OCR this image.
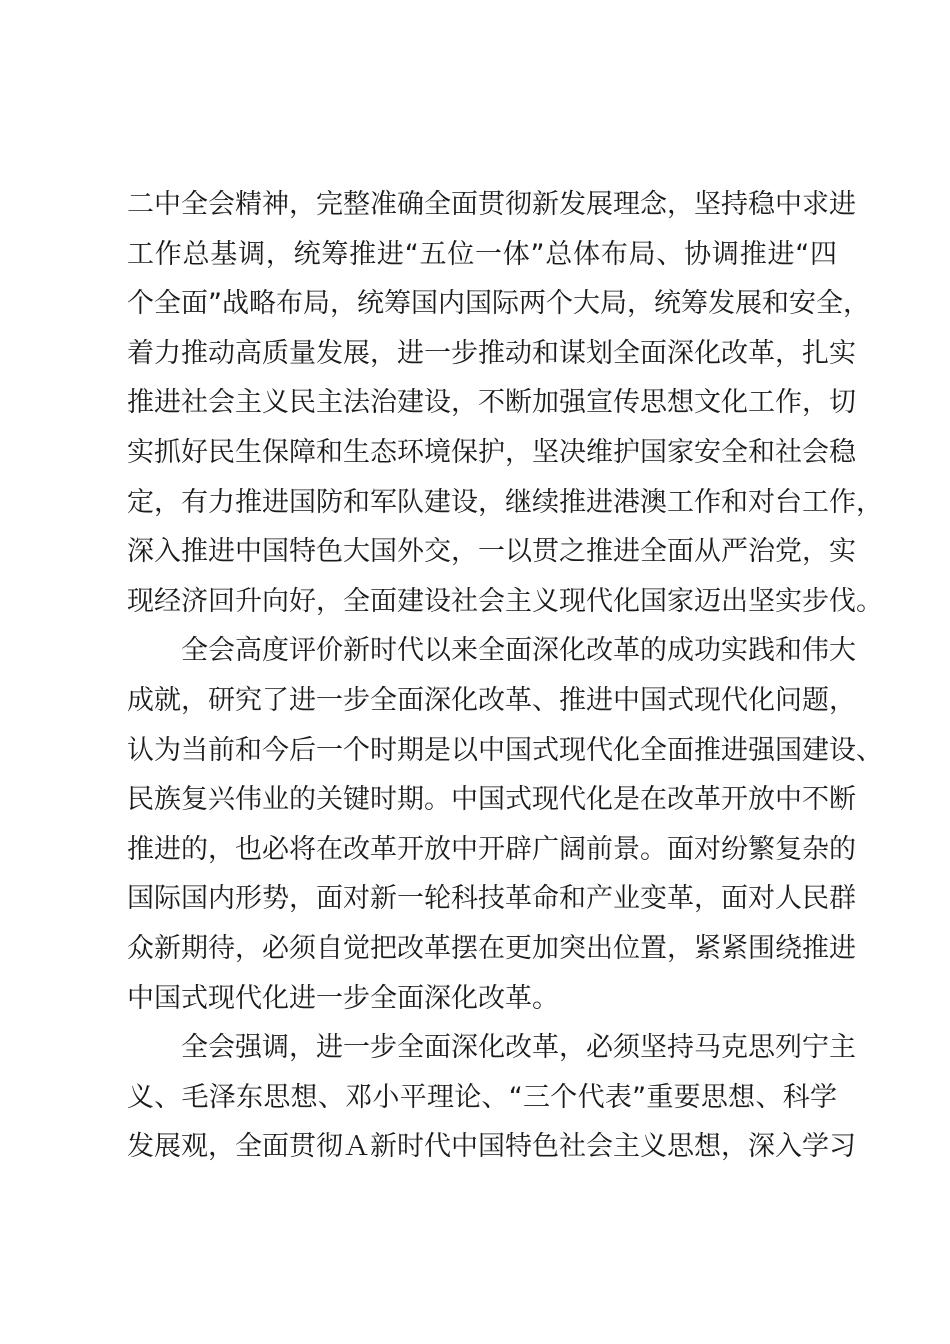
二中全会精神，完整准确全面贯彻新发展理念，坚持稳中求进
工作总基调，统筹推进“五位一体”总体布局、协调推进“四
个全面”战略布局，统筹国内国际两个大局，统筹发展和安全，
着力推动高质量发展，进一步推动和谋划全面深化改革，扎实
推进社会主义民主法治建设，不断加强宣传思想文化工作，切
实抓好民生保障和生态环境保护，坚决维护国家安全和社会稳
定，有力推进国防和军队建设，继续推进港澳工作和对台工作，
深入推进中国特色大国外交，一以贯之推进全面从严治党，实
现经济回升向好，全面建设社会主义现代化国家迈出坚实步伐。
全会高度评价新时代以来全面深化改革的成功实践和伟大
成就，研究了进一步全面深化改革、推进中国式现代化问题，
认为当前和今后一个时期是以中国式现代化全面推进强国建设、
民族复兴伟业的关键时期。中国式现代化是在改革开放中不断
推进的，也必将在改革开放中开辟广阔前景。面对纷繁复杂的
国际国内形势，面对新一轮科技革命和产业变革，面对人民群
众新期待，必须自觉把改革摆在更加突出位置，紧紧围绕推进
中国式现代化进一步全面深化改革。
全会强调，进一步全面深化改革，必须坚持马克思列宁主
义、毛泽东思想、邓小平理论、“三个代表”重要思想、科学
发展观，全面贯彻Ａ新时代中国特色社会主义思想，深入学习
